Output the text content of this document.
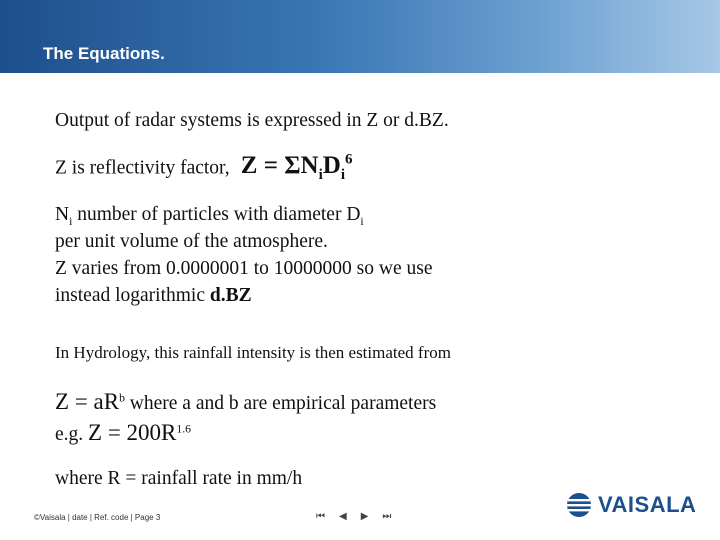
The Equations.
Output of radar systems is expressed in Z or d.BZ.
Z is reflectivity factor, $Z = \Sigma N_iD_i^6$
$N_i$ number of particles with diameter $D_i$
per unit volume of the atmosphere.
Z varies from 0.0000001 to 10000000 so we use
instead logarithmic d.BZ
In Hydrology, this rainfall intensity is then estimated from
$Z = aR^b$ where a and b are empirical parameters
e.g. $Z = 200R^{1.6}$
where R = rainfall rate in mm/h
©Vaisala | date | Ref. code | Page 3	⏮ ◀ ▶ ⏭	VAISALA
